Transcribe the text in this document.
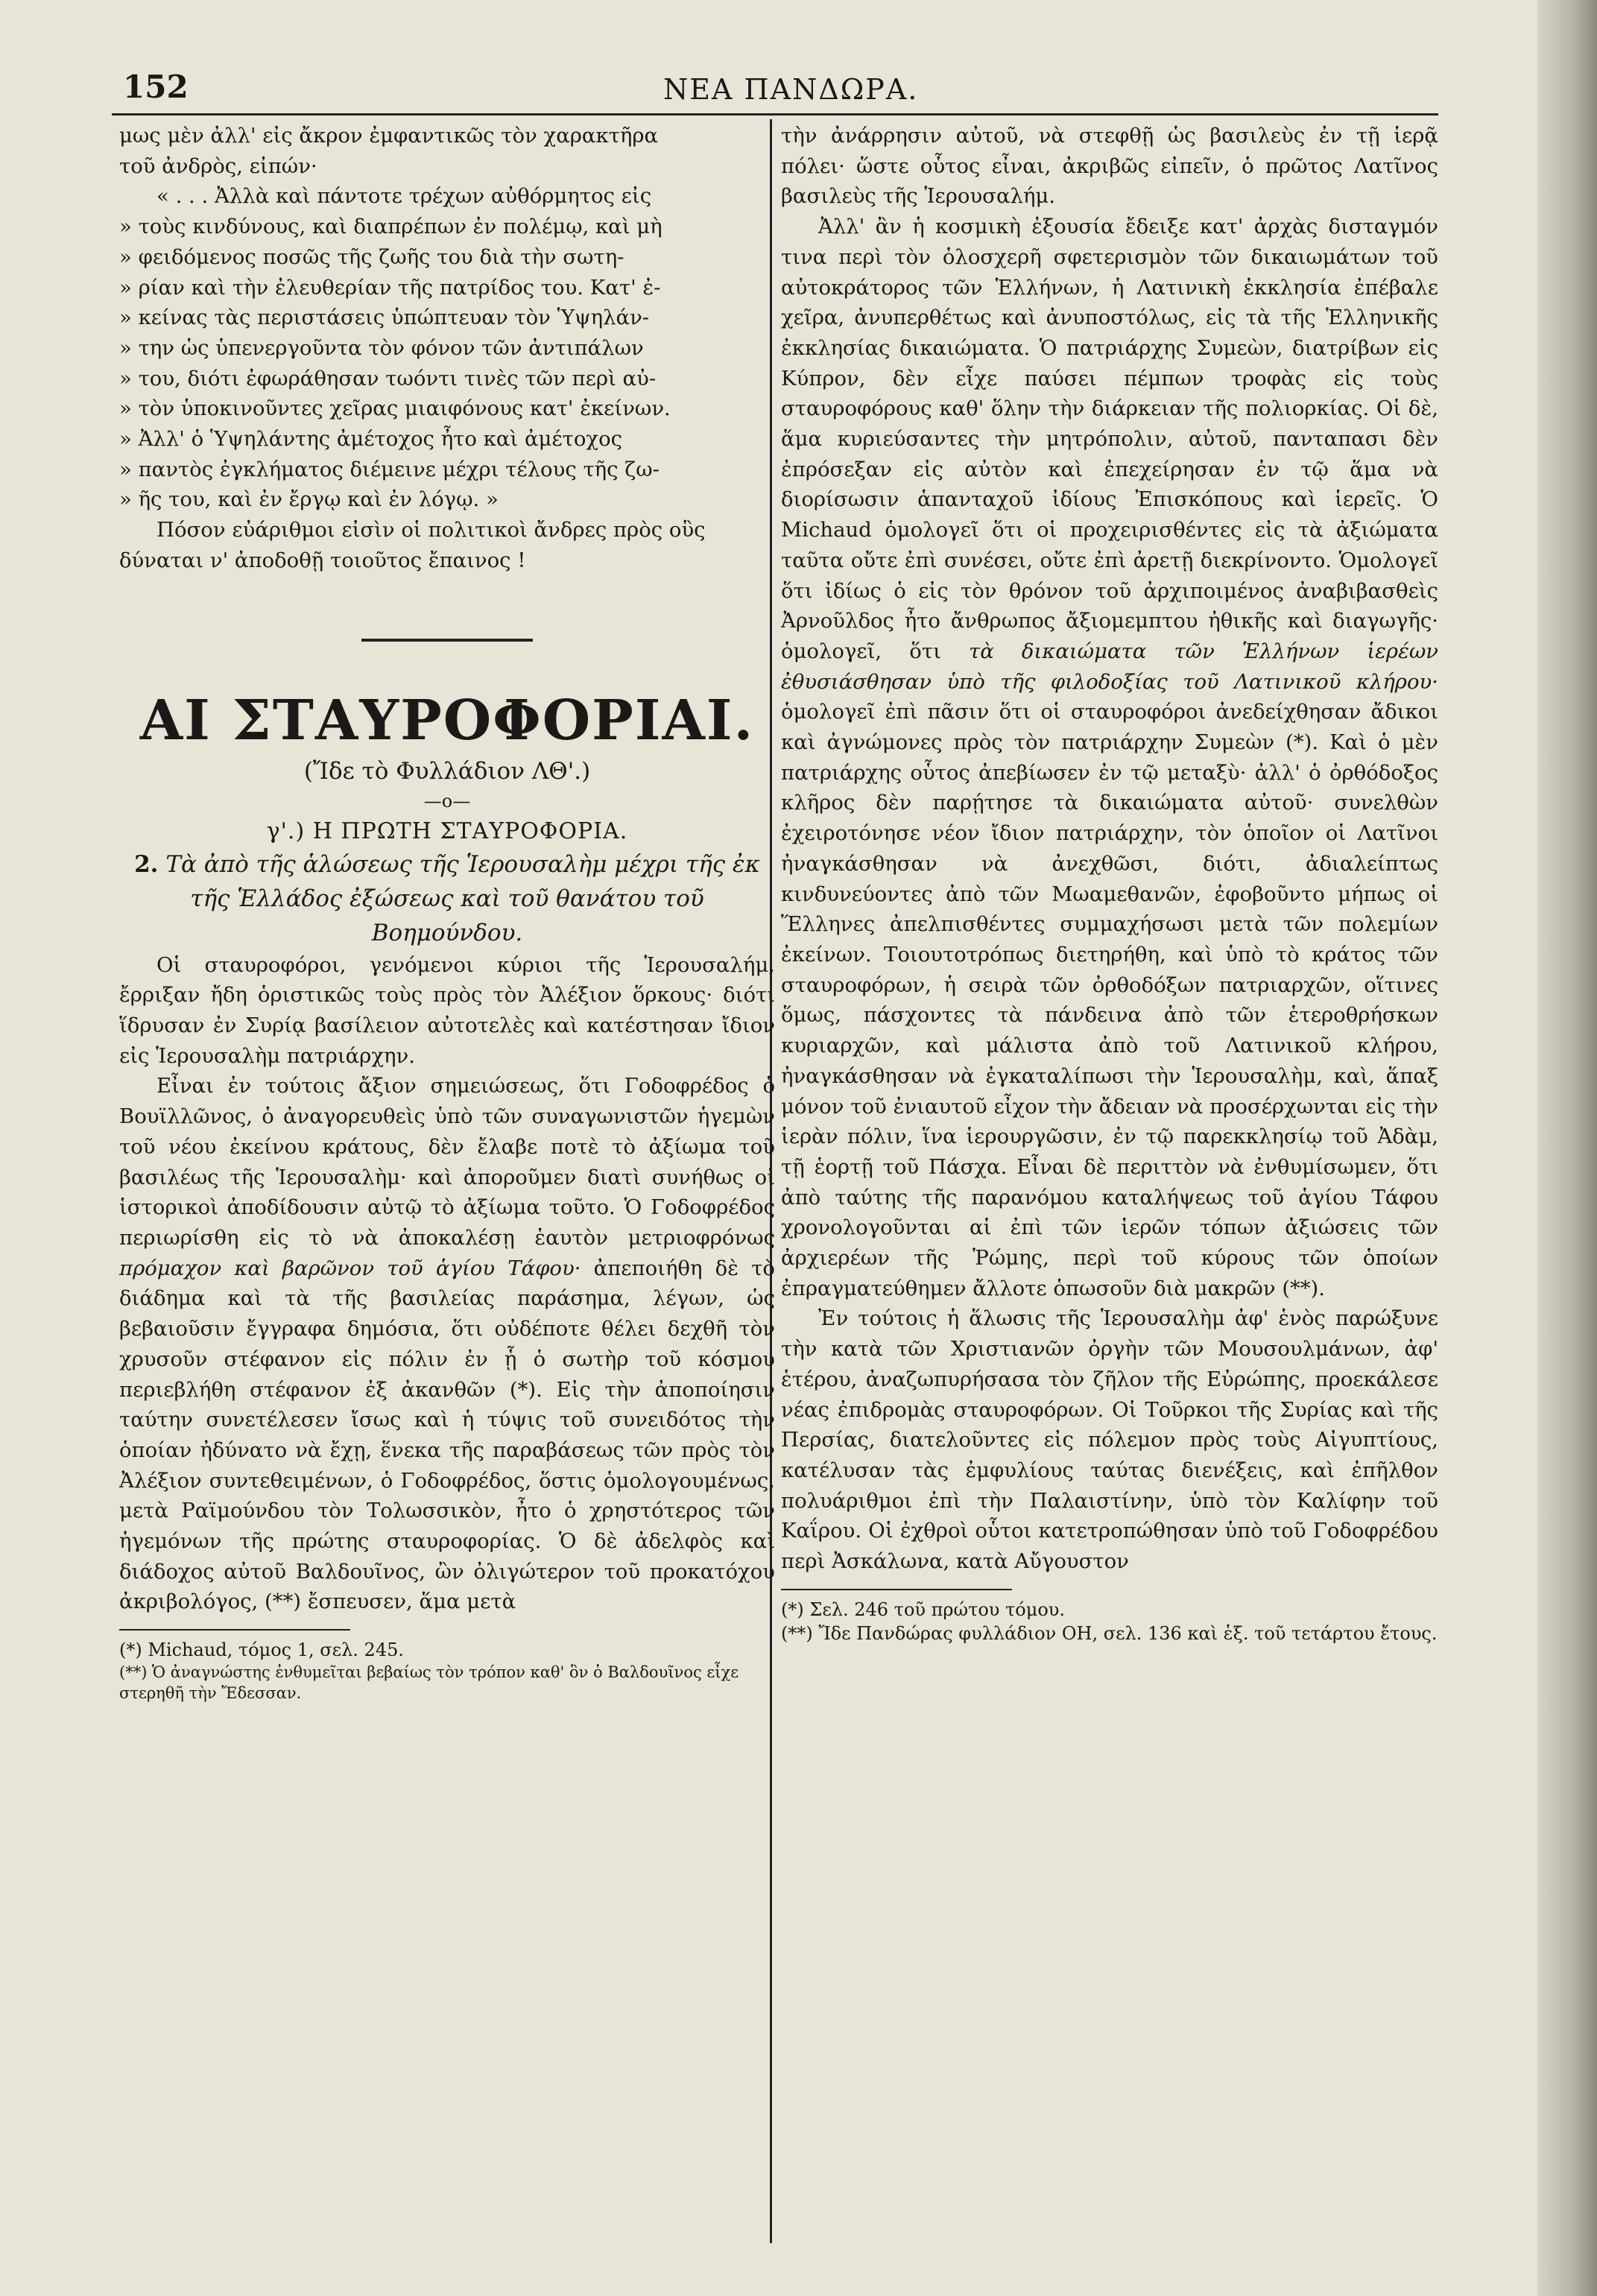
152	ΝΕΑ ΠΑΝΔΩΡΑ.

μως μὲν ἀλλ' εἰς ἄκρον ἐμφαντικῶς τὸν χαρακτῆρα

τοῦ ἀνδρὸς, εἰπών·

« . . . Ἀλλὰ καὶ πάντοτε τρέχων αὐθόρμητος εἰς

» τοὺς κινδύνους, καὶ διαπρέπων ἐν πολέμῳ, καὶ μὴ

» φειδόμενος ποσῶς τῆς ζωῆς του διὰ τὴν σωτη-

» ρίαν καὶ τὴν ἐλευθερίαν τῆς πατρίδος του. Κατ' ἐ-

» κείνας τὰς περιστάσεις ὑπώπτευαν τὸν Ὑψηλάν-

» την ὡς ὑπενεργοῦντα τὸν φόνον τῶν ἀντιπάλων

» του, διότι ἐφωράθησαν τωόντι τινὲς τῶν περὶ αὐ-

» τὸν ὑποκινοῦντες χεῖρας μιαιφόνους κατ' ἐκείνων.

» Ἀλλ' ὁ Ὑψηλάντης ἀμέτοχος ἦτο καὶ ἀμέτοχος

» παντὸς ἐγκλήματος διέμεινε μέχρι τέλους τῆς ζω-

» ῆς του, καὶ ἐν ἔργῳ καὶ ἐν λόγῳ. »

Πόσον εὐάριθμοι εἰσὶν οἱ πολιτικοὶ ἄνδρες πρὸς οὓς

δύναται ν' ἀποδοθῇ τοιοῦτος ἔπαινος !

ΑΙ ΣΤΑΥΡΟΦΟΡΙΑΙ.

(Ἴδε τὸ Φυλλάδιον ΛΘ'.)

—ο—

γ'.) Η ΠΡΩΤΗ ΣΤΑΥΡΟΦΟΡΙΑ.

2. Τὰ ἀπὸ τῆς ἁλώσεως τῆς Ἱερουσαλὴμ μέχρι τῆς ἐκ τῆς Ἑλλάδος ἐξώσεως καὶ τοῦ θανάτου τοῦ Βοημούνδου.

Οἱ σταυροφόροι, γενόμενοι κύριοι τῆς Ἱερουσαλήμ, ἔρριξαν ἤδη ὁριστικῶς τοὺς πρὸς τὸν Ἀλέξιον ὅρκους· διότι ἵδρυσαν ἐν Συρίᾳ βασίλειον αὐτοτελὲς καὶ κατέστησαν ἴδιον εἰς Ἱερουσαλὴμ πατριάρχην.

Εἶναι ἐν τούτοις ἄξιον σημειώσεως, ὅτι Γοδοφρέδος ὁ Βουϊλλῶνος, ὁ ἀναγορευθεὶς ὑπὸ τῶν συναγωνιστῶν ἡγεμὼν τοῦ νέου ἐκείνου κράτους, δὲν ἔλαβε ποτὲ τὸ ἀξίωμα τοῦ βασιλέως τῆς Ἱερουσαλὴμ· καὶ ἀποροῦμεν διατὶ συνήθως οἱ ἱστορικοὶ ἀποδίδουσιν αὐτῷ τὸ ἀξίωμα τοῦτο. Ὁ Γοδοφρέδος περιωρίσθη εἰς τὸ νὰ ἀποκαλέσῃ ἑαυτὸν μετριοφρόνως πρόμαχον καὶ βαρῶνον τοῦ ἁγίου Τάφου· ἀπεποιήθη δὲ τὸ διάδημα καὶ τὰ τῆς βασιλείας παράσημα, λέγων, ὡς βεβαιοῦσιν ἔγγραφα δημόσια, ὅτι οὐδέποτε θέλει δεχθῆ τὸν χρυσοῦν στέφανον εἰς πόλιν ἐν ᾗ ὁ σωτὴρ τοῦ κόσμου περιεβλήθη στέφανον ἐξ ἀκανθῶν (*). Εἰς τὴν ἀποποίησιν ταύτην συνετέλεσεν ἴσως καὶ ἡ τύψις τοῦ συνειδότος τὴν ὁποίαν ἠδύνατο νὰ ἔχῃ, ἕνεκα τῆς παραβάσεως τῶν πρὸς τὸν Ἀλέξιον συντεθειμένων, ὁ Γοδοφρέδος, ὅστις ὁμολογουμένως, μετὰ Ραϊμούνδου τὸν Τολωσσικὸν, ἦτο ὁ χρηστότερος τῶν ἡγεμόνων τῆς πρώτης σταυροφορίας. Ὁ δὲ ἀδελφὸς καὶ διάδοχος αὐτοῦ Βαλδουῖνος, ὢν ὀλιγώτερον τοῦ προκατόχου ἀκριβολόγος, (**) ἔσπευσεν, ἅμα μετὰ

(*) Michaud, τόμος 1, σελ. 245.

(**) Ὁ ἀναγνώστης ἐνθυμεῖται βεβαίως τὸν τρόπον καθ' ὃν ὁ Βαλδουῖνος εἶχε στερηθῆ τὴν Ἔδεσσαν.

τὴν ἀνάρρησιν αὐτοῦ, νὰ στεφθῇ ὡς βασιλεὺς ἐν τῇ ἱερᾷ πόλει· ὥστε οὗτος εἶναι, ἀκριβῶς εἰπεῖν, ὁ πρῶτος Λατῖνος βασιλεὺς τῆς Ἱερουσαλήμ.

Ἀλλ' ἂν ἡ κοσμικὴ ἐξουσία ἔδειξε κατ' ἀρχὰς δισταγμόν τινα περὶ τὸν ὁλοσχερῆ σφετερισμὸν τῶν δικαιωμάτων τοῦ αὐτοκράτορος τῶν Ἑλλήνων, ἡ Λατινικὴ ἐκκλησία ἐπέβαλε χεῖρα, ἀνυπερθέτως καὶ ἀνυποστόλως, εἰς τὰ τῆς Ἑλληνικῆς ἐκκλησίας δικαιώματα. Ὁ πατριάρχης Συμεὼν, διατρίβων εἰς Κύπρον, δὲν εἶχε παύσει πέμπων τροφὰς εἰς τοὺς σταυροφόρους καθ' ὅλην τὴν διάρκειαν τῆς πολιορκίας. Οἱ δὲ, ἅμα κυριεύσαντες τὴν μητρόπολιν, αὐτοῦ, πανταπασι δὲν ἐπρόσεξαν εἰς αὐτὸν καὶ ἐπεχείρησαν ἐν τῷ ἅμα νὰ διορίσωσιν ἁπανταχοῦ ἰδίους Ἐπισκόπους καὶ ἱερεῖς. Ὁ Michaud ὁμολογεῖ ὅτι οἱ προχειρισθέντες εἰς τὰ ἀξιώματα ταῦτα οὔτε ἐπὶ συνέσει, οὔτε ἐπὶ ἀρετῇ διεκρίνοντο. Ὁμολογεῖ ὅτι ἰδίως ὁ εἰς τὸν θρόνον τοῦ ἀρχιποιμένος ἀναβιβασθεὶς Ἀρνοῦλδος ἦτο ἄνθρωπος ἄξιομεμπτου ἠθικῆς καὶ διαγωγῆς· ὁμολογεῖ, ὅτι τὰ δικαιώματα τῶν Ἑλλήνων ἱερέων ἐθυσιάσθησαν ὑπὸ τῆς φιλοδοξίας τοῦ Λατινικοῦ κλήρου· ὁμολογεῖ ἐπὶ πᾶσιν ὅτι οἱ σταυροφόροι ἀνεδείχθησαν ἄδικοι καὶ ἀγνώμονες πρὸς τὸν πατριάρχην Συμεὼν (*). Καὶ ὁ μὲν πατριάρχης οὗτος ἀπεβίωσεν ἐν τῷ μεταξὺ· ἀλλ' ὁ ὀρθόδοξος κλῆρος δὲν παρῄτησε τὰ δικαιώματα αὐτοῦ· συνελθὼν ἐχειροτόνησε νέον ἴδιον πατριάρχην, τὸν ὁποῖον οἱ Λατῖνοι ἠναγκάσθησαν νὰ ἀνεχθῶσι, διότι, ἀδιαλείπτως κινδυνεύοντες ἀπὸ τῶν Μωαμεθανῶν, ἐφοβοῦντο μήπως οἱ Ἕλληνες ἀπελπισθέντες συμμαχήσωσι μετὰ τῶν πολεμίων ἐκείνων. Τοιουτοτρόπως διετηρήθη, καὶ ὑπὸ τὸ κράτος τῶν σταυροφόρων, ἡ σειρὰ τῶν ὀρθοδόξων πατριαρχῶν, οἵτινες ὅμως, πάσχοντες τὰ πάνδεινα ἀπὸ τῶν ἑτεροθρήσκων κυριαρχῶν, καὶ μάλιστα ἀπὸ τοῦ Λατινικοῦ κλήρου, ἠναγκάσθησαν νὰ ἐγκαταλίπωσι τὴν Ἱερουσαλὴμ, καὶ, ἅπαξ μόνον τοῦ ἐνιαυτοῦ εἶχον τὴν ἄδειαν νὰ προσέρχωνται εἰς τὴν ἱερὰν πόλιν, ἵνα ἱερουργῶσιν, ἐν τῷ παρεκκλησίῳ τοῦ Ἀδὰμ, τῇ ἑορτῇ τοῦ Πάσχα. Εἶναι δὲ περιττὸν νὰ ἐνθυμίσωμεν, ὅτι ἀπὸ ταύτης τῆς παρανόμου καταλήψεως τοῦ ἁγίου Τάφου χρονολογοῦνται αἱ ἐπὶ τῶν ἱερῶν τόπων ἀξιώσεις τῶν ἀρχιερέων τῆς Ῥώμης, περὶ τοῦ κύρους τῶν ὁποίων ἐπραγματεύθημεν ἄλλοτε ὁπωσοῦν διὰ μακρῶν (**).

Ἐν τούτοις ἡ ἅλωσις τῆς Ἱερουσαλὴμ ἀφ' ἑνὸς παρώξυνε τὴν κατὰ τῶν Χριστιανῶν ὀργὴν τῶν Μουσουλμάνων, ἀφ' ἑτέρου, ἀναζωπυρήσασα τὸν ζῆλον τῆς Εὐρώπης, προεκάλεσε νέας ἐπιδρομὰς σταυροφόρων. Οἱ Τοῦρκοι τῆς Συρίας καὶ τῆς Περσίας, διατελοῦντες εἰς πόλεμον πρὸς τοὺς Αἰγυπτίους, κατέλυσαν τὰς ἐμφυλίους ταύτας διενέξεις, καὶ ἐπῆλθον πολυάριθμοι ἐπὶ τὴν Παλαιστίνην, ὑπὸ τὸν Καλίφην τοῦ Καΐρου. Οἱ ἐχθροὶ οὗτοι κατετροπώθησαν ὑπὸ τοῦ Γοδοφρέδου περὶ Ἀσκάλωνα, κατὰ Αὔγουστον

(*) Σελ. 246 τοῦ πρώτου τόμου.

(**) Ἴδε Πανδώρας φυλλάδιον ΟΗ, σελ. 136 καὶ ἑξ. τοῦ τετάρτου ἔτους.
